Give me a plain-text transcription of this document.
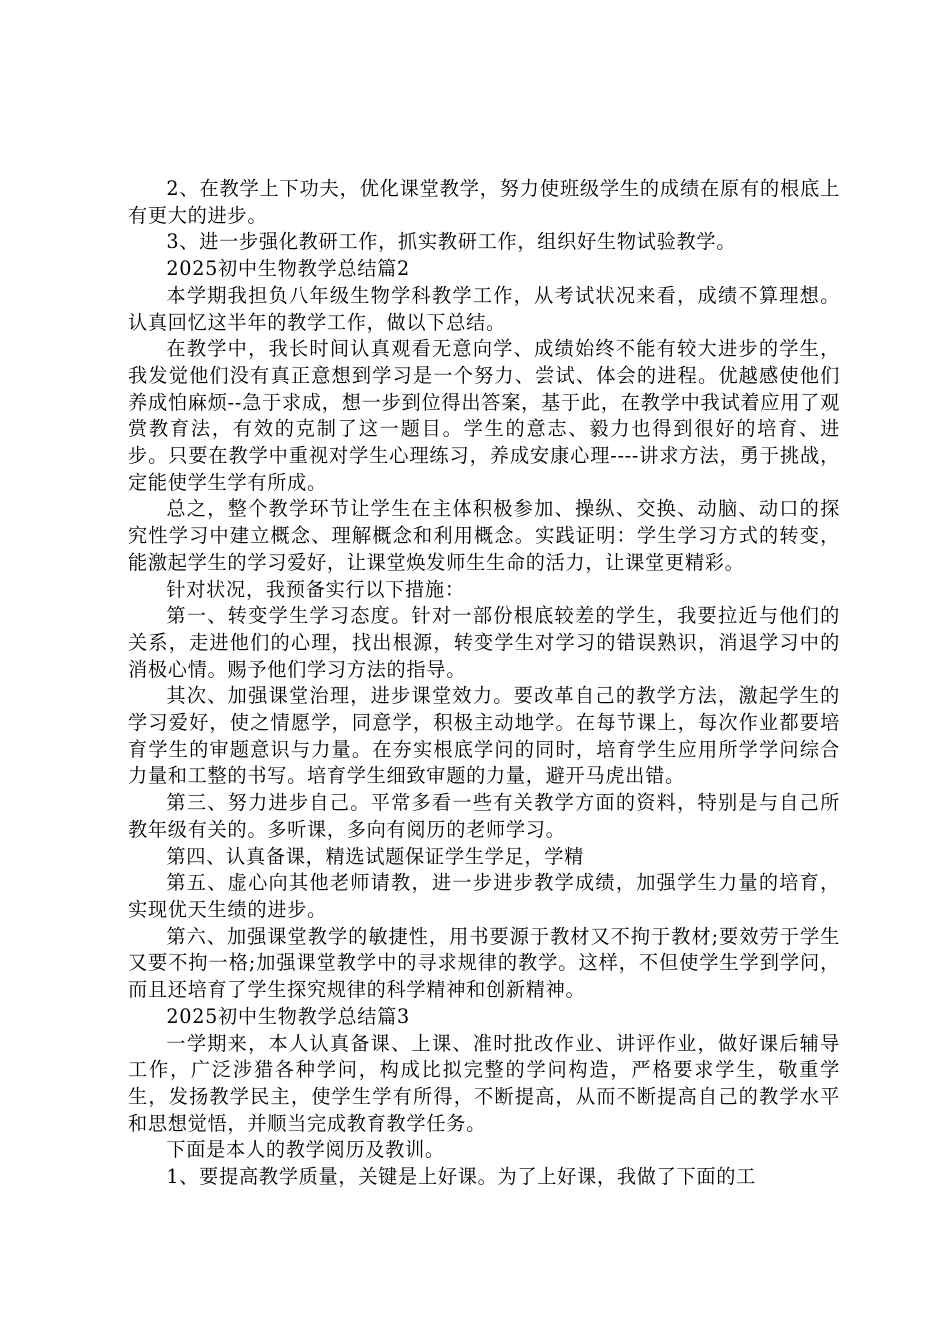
2、在教学上下功夫，优化课堂教学，努力使班级学生的成绩在原有的根底上有更大的进步。

3、进一步强化教研工作，抓实教研工作，组织好生物试验教学。

2025初中生物教学总结篇2

本学期我担负八年级生物学科教学工作，从考试状况来看，成绩不算理想。认真回忆这半年的教学工作，做以下总结。

在教学中，我长时间认真观看无意向学、成绩始终不能有较大进步的学生，我发觉他们没有真正意想到学习是一个努力、尝试、体会的进程。优越感使他们养成怕麻烦--急于求成，想一步到位得出答案，基于此，在教学中我试着应用了观赏教育法，有效的克制了这一题目。学生的意志、毅力也得到很好的培育、进步。只要在教学中重视对学生心理练习，养成安康心理----讲求方法，勇于挑战，定能使学生学有所成。

总之，整个教学环节让学生在主体积极参加、操纵、交换、动脑、动口的探究性学习中建立概念、理解概念和利用概念。实践证明：学生学习方式的转变，能激起学生的学习爱好，让课堂焕发师生生命的活力，让课堂更精彩。

针对状况，我预备实行以下措施：

第一、转变学生学习态度。针对一部份根底较差的学生，我要拉近与他们的关系，走进他们的心理，找出根源，转变学生对学习的错误熟识，消退学习中的消极心情。赐予他们学习方法的指导。

其次、加强课堂治理，进步课堂效力。要改革自己的教学方法，激起学生的学习爱好，使之情愿学，同意学，积极主动地学。在每节课上，每次作业都要培育学生的审题意识与力量。在夯实根底学问的同时，培育学生应用所学学问综合力量和工整的书写。培育学生细致审题的力量，避开马虎出错。

第三、努力进步自己。平常多看一些有关教学方面的资料，特别是与自己所教年级有关的。多听课，多向有阅历的老师学习。

第四、认真备课，精选试题保证学生学足，学精

第五、虚心向其他老师请教，进一步进步教学成绩，加强学生力量的培育，实现优天生绩的进步。

第六、加强课堂教学的敏捷性，用书要源于教材又不拘于教材;要效劳于学生又要不拘一格;加强课堂教学中的寻求规律的教学。这样，不但使学生学到学问，而且还培育了学生探究规律的科学精神和创新精神。

2025初中生物教学总结篇3

一学期来，本人认真备课、上课、准时批改作业、讲评作业，做好课后辅导工作，广泛涉猎各种学问，构成比拟完整的学问构造，严格要求学生，敬重学生，发扬教学民主，使学生学有所得，不断提高，从而不断提高自己的教学水平和思想觉悟，并顺当完成教育教学任务。

下面是本人的教学阅历及教训。

1、要提高教学质量，关键是上好课。为了上好课，我做了下面的工
